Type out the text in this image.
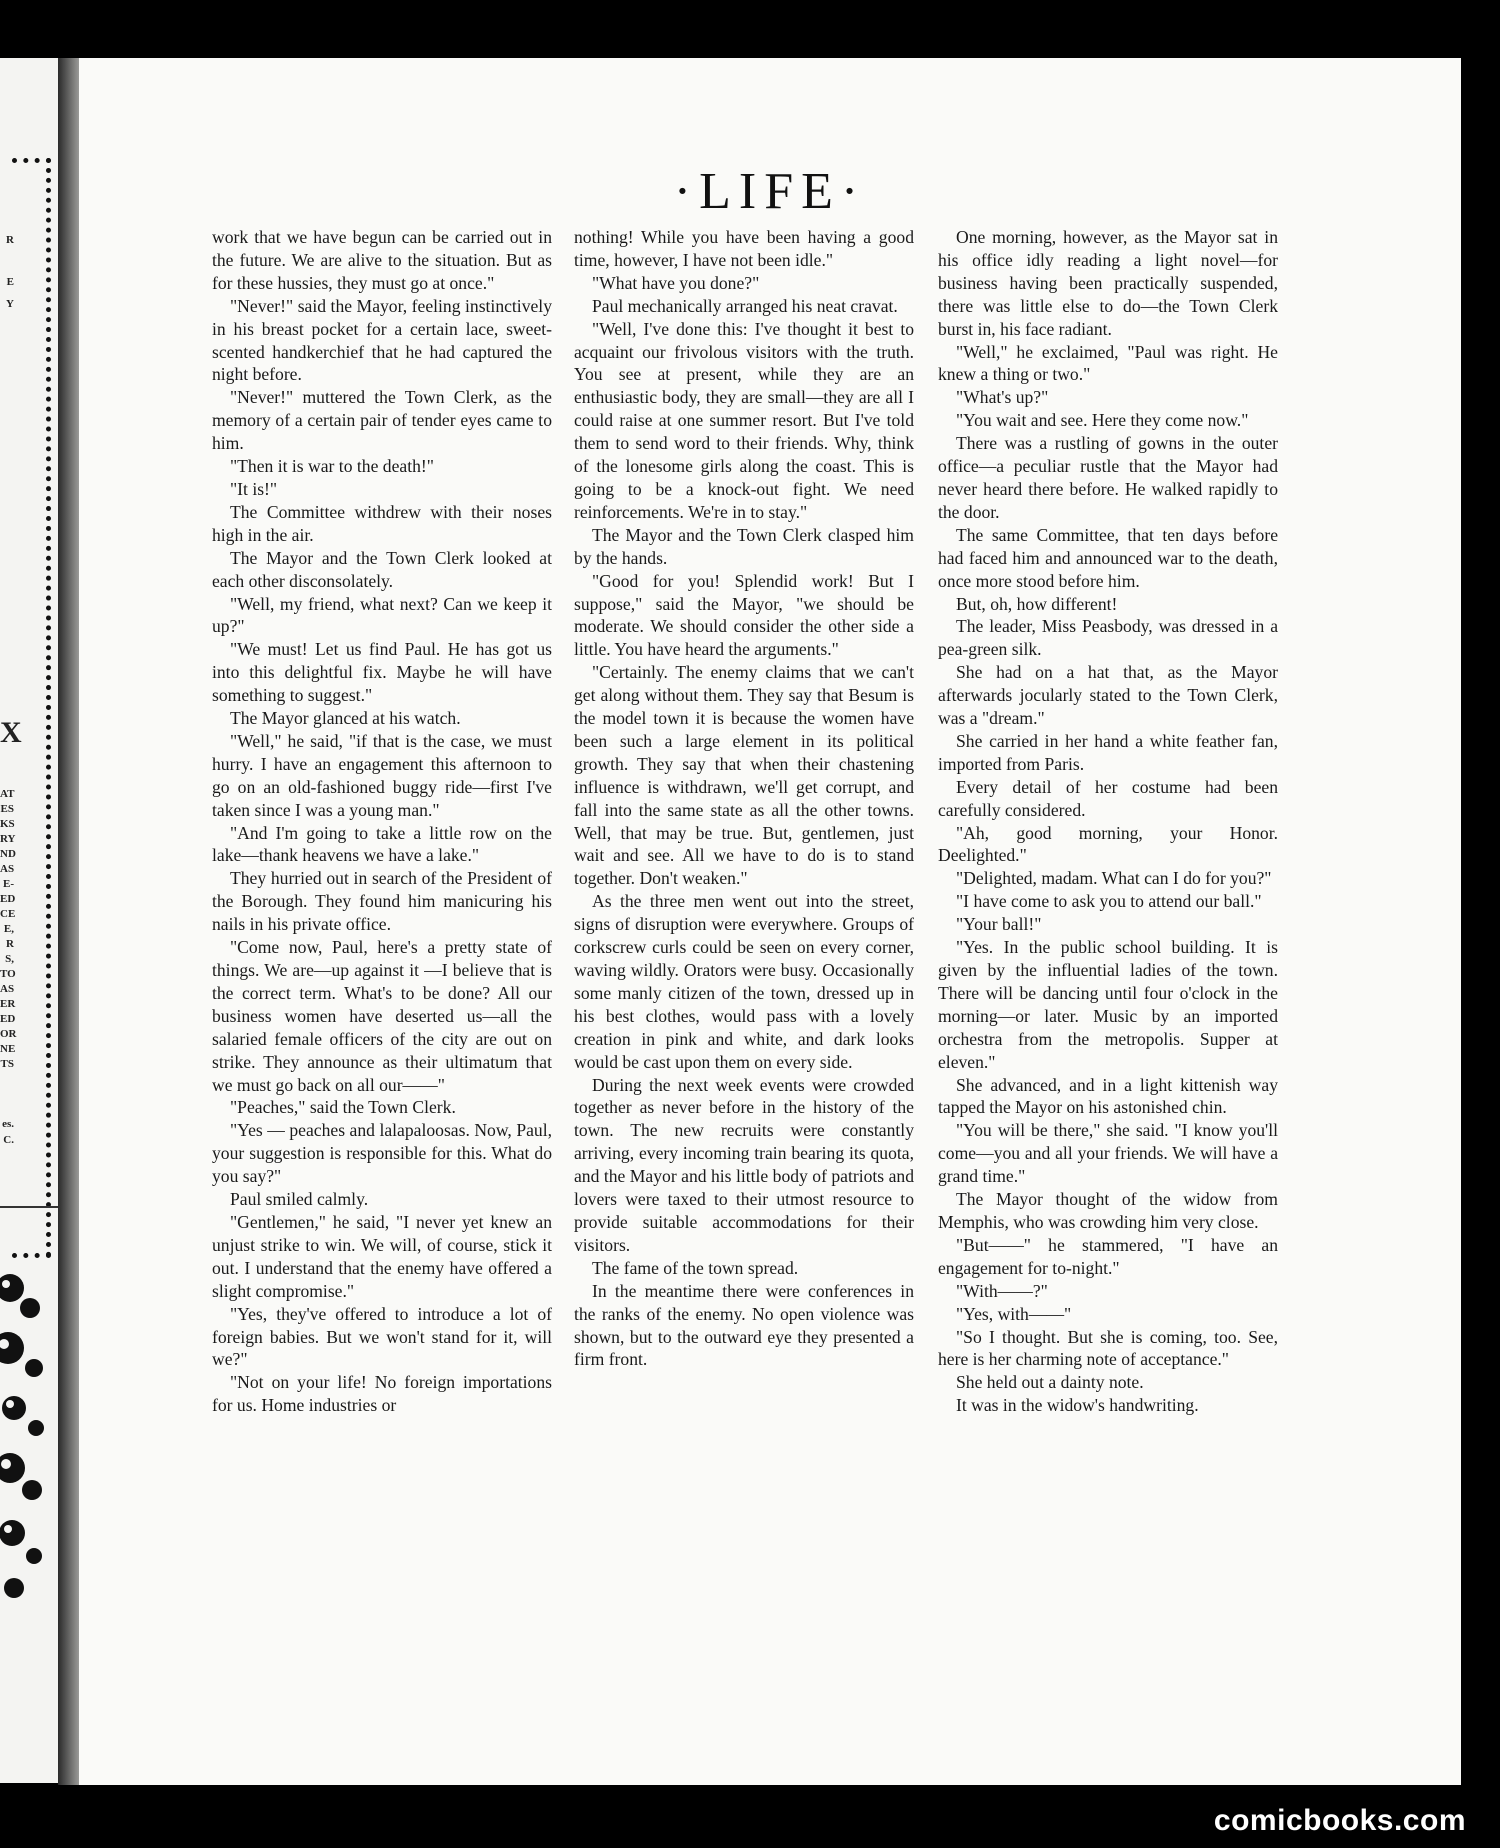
R
E
Y
X
AT
ES
KS
RY
ND
AS
E-
ED
CE
E,
R
S,
TO
AS
ER
ED
OR
NE
TS
es.
C.
·LIFE·

work that we have begun can be carried out in the future. We are alive to the situation. But as for these hussies, they must go at once."

"Never!" said the Mayor, feeling instinctively in his breast pocket for a certain lace, sweet-scented handkerchief that he had captured the night before.

"Never!" muttered the Town Clerk, as the memory of a certain pair of tender eyes came to him.

"Then it is war to the death!"

"It is!"

The Committee withdrew with their noses high in the air.

The Mayor and the Town Clerk looked at each other disconsolately.

"Well, my friend, what next? Can we keep it up?"

"We must! Let us find Paul. He has got us into this delightful fix. Maybe he will have something to suggest."

The Mayor glanced at his watch.

"Well," he said, "if that is the case, we must hurry. I have an engagement this afternoon to go on an old-fashioned buggy ride—first I've taken since I was a young man."

"And I'm going to take a little row on the lake—thank heavens we have a lake."

They hurried out in search of the President of the Borough. They found him manicuring his nails in his private office.

"Come now, Paul, here's a pretty state of things. We are—up against it —I believe that is the correct term. What's to be done? All our business women have deserted us—all the salaried female officers of the city are out on strike. They announce as their ultimatum that we must go back on all our——"

"Peaches," said the Town Clerk.

"Yes — peaches and lalapaloosas. Now, Paul, your suggestion is responsible for this. What do you say?"

Paul smiled calmly.

"Gentlemen," he said, "I never yet knew an unjust strike to win. We will, of course, stick it out. I understand that the enemy have offered a slight compromise."

"Yes, they've offered to introduce a lot of foreign babies. But we won't stand for it, will we?"

"Not on your life! No foreign importations for us. Home industries or

nothing! While you have been having a good time, however, I have not been idle."

"What have you done?"

Paul mechanically arranged his neat cravat.

"Well, I've done this: I've thought it best to acquaint our frivolous visitors with the truth. You see at present, while they are an enthusiastic body, they are small—they are all I could raise at one summer resort. But I've told them to send word to their friends. Why, think of the lonesome girls along the coast. This is going to be a knock-out fight. We need reinforcements. We're in to stay."

The Mayor and the Town Clerk clasped him by the hands.

"Good for you! Splendid work! But I suppose," said the Mayor, "we should be moderate. We should consider the other side a little. You have heard the arguments."

"Certainly. The enemy claims that we can't get along without them. They say that Besum is the model town it is because the women have been such a large element in its political growth. They say that when their chastening influence is withdrawn, we'll get corrupt, and fall into the same state as all the other towns. Well, that may be true. But, gentlemen, just wait and see. All we have to do is to stand together. Don't weaken."

As the three men went out into the street, signs of disruption were everywhere. Groups of corkscrew curls could be seen on every corner, waving wildly. Orators were busy. Occasionally some manly citizen of the town, dressed up in his best clothes, would pass with a lovely creation in pink and white, and dark looks would be cast upon them on every side.

During the next week events were crowded together as never before in the history of the town. The new recruits were constantly arriving, every incoming train bearing its quota, and the Mayor and his little body of patriots and lovers were taxed to their utmost resource to provide suitable accommodations for their visitors.

The fame of the town spread.

In the meantime there were conferences in the ranks of the enemy. No open violence was shown, but to the outward eye they presented a firm front.

One morning, however, as the Mayor sat in his office idly reading a light novel—for business having been practically suspended, there was little else to do—the Town Clerk burst in, his face radiant.

"Well," he exclaimed, "Paul was right. He knew a thing or two."

"What's up?"

"You wait and see. Here they come now."

There was a rustling of gowns in the outer office—a peculiar rustle that the Mayor had never heard there before. He walked rapidly to the door.

The same Committee, that ten days before had faced him and announced war to the death, once more stood before him.

But, oh, how different!

The leader, Miss Peasbody, was dressed in a pea-green silk.

She had on a hat that, as the Mayor afterwards jocularly stated to the Town Clerk, was a "dream."

She carried in her hand a white feather fan, imported from Paris.

Every detail of her costume had been carefully considered.

"Ah, good morning, your Honor. Deelighted."

"Delighted, madam. What can I do for you?"

"I have come to ask you to attend our ball."

"Your ball!"

"Yes. In the public school building. It is given by the influential ladies of the town. There will be dancing until four o'clock in the morning—or later. Music by an imported orchestra from the metropolis. Supper at eleven."

She advanced, and in a light kittenish way tapped the Mayor on his astonished chin.

"You will be there," she said. "I know you'll come—you and all your friends. We will have a grand time."

The Mayor thought of the widow from Memphis, who was crowding him very close.

"But——" he stammered, "I have an engagement for to-night."

"With——?"

"Yes, with——"

"So I thought. But she is coming, too. See, here is her charming note of acceptance."

She held out a dainty note.

It was in the widow's handwriting.

comicbooks.com
